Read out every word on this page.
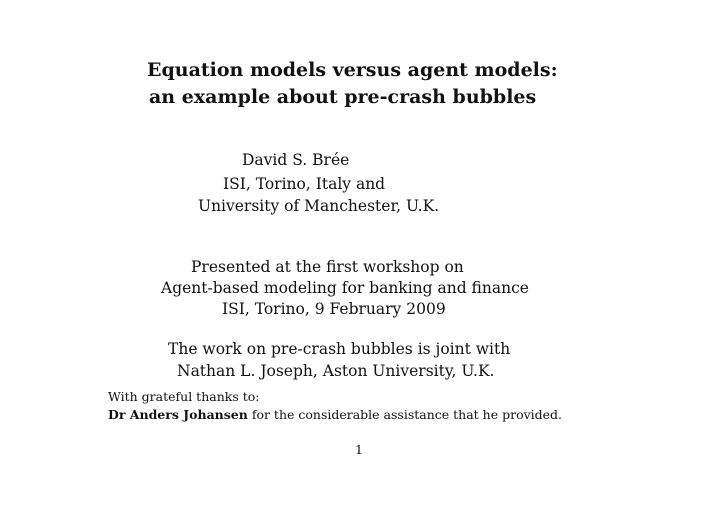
Equation models versus agent models:
an example about pre-crash bubbles
David S. Brée
ISI, Torino, Italy and
University of Manchester, U.K.
Presented at the first workshop on
Agent-based modeling for banking and finance
ISI, Torino, 9 February 2009
The work on pre-crash bubbles is joint with
Nathan L. Joseph, Aston University, U.K.
With grateful thanks to:
Dr Anders Johansen for the considerable assistance that he provided.
1
